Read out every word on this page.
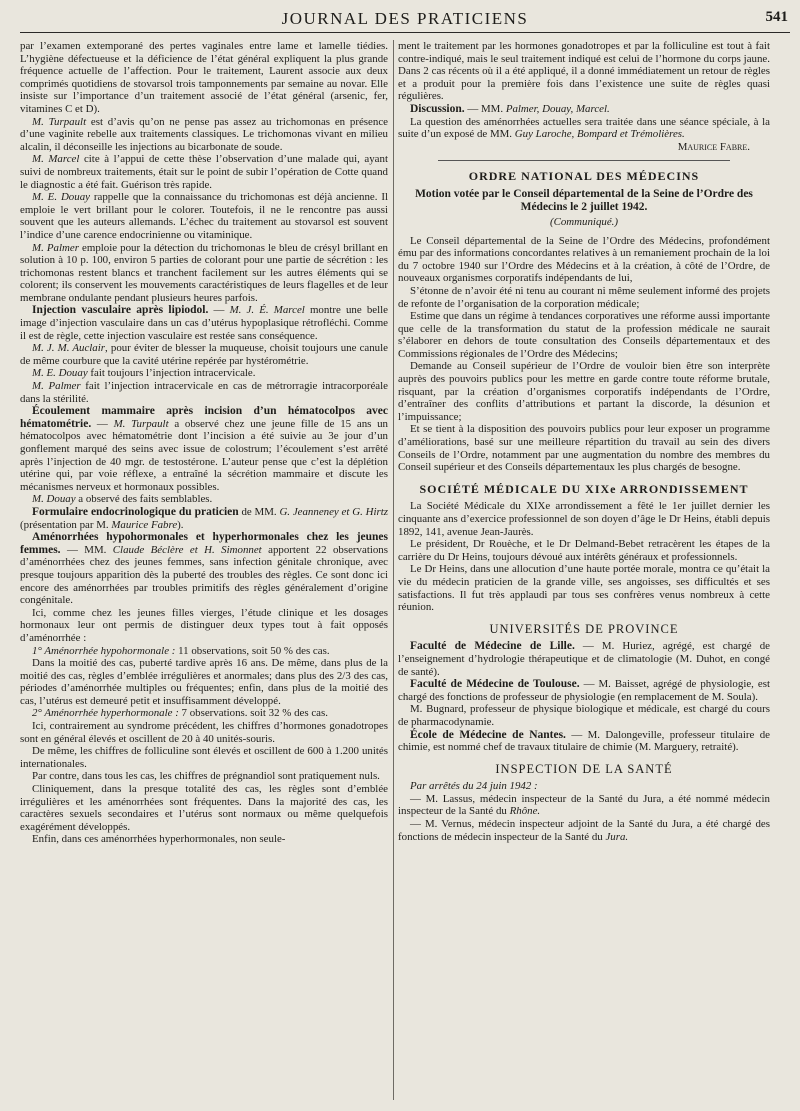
JOURNAL DES PRATICIENS	541

par l’examen extemporané des pertes vaginales entre lame et lamelle tiédies. L’hygiène défectueuse et la déficience de l’état général expliquent la plus grande fréquence actuelle de l’affection. Pour le traitement, Laurent associe aux deux comprimés quotidiens de stovarsol trois tamponnements par semaine au novar. Elle insiste sur l’importance d’un traitement associé de l’état général (arsenic, fer, vitamines C et D).

M. Turpault est d’avis qu’on ne pense pas assez au trichomonas en présence d’une vaginite rebelle aux traitements classiques. Le trichomonas vivant en milieu alcalin, il déconseille les injections au bicarbonate de soude.

M. Marcel cite à l’appui de cette thèse l’observation d’une malade qui, ayant suivi de nombreux traitements, était sur le point de subir l’opération de Cotte quand le diagnostic a été fait. Guérison très rapide.

M. E. Douay rappelle que la connaissance du trichomonas est déjà ancienne. Il emploie le vert brillant pour le colorer. Toutefois, il ne le rencontre pas aussi souvent que les auteurs allemands. L’échec du traitement au stovarsol est souvent l’indice d’une carence endocrinienne ou vitaminique.

M. Palmer emploie pour la détection du trichomonas le bleu de crésyl brillant en solution à 10 p. 100, environ 5 parties de colorant pour une partie de sécrétion : les trichomonas restent blancs et tranchent facilement sur les autres éléments qui se colorent; ils conservent les mouvements caractéristiques de leurs flagelles et de leur membrane ondulante pendant plusieurs heures parfois.

Injection vasculaire après lipiodol. — M. J. É. Marcel montre une belle image d’injection vasculaire dans un cas d’utérus hypoplasique rétrofléchi. Comme il est de règle, cette injection vasculaire est restée sans conséquence.

M. J. M. Auclair, pour éviter de blesser la muqueuse, choisit toujours une canule de même courbure que la cavité utérine repérée par hystérométrie.

M. E. Douay fait toujours l’injection intracervicale.

M. Palmer fait l’injection intracervicale en cas de métrorragie intracorporéale dans la stérilité.

Écoulement mammaire après incision d’un hématocolpos avec hématométrie. — M. Turpault a observé chez une jeune fille de 15 ans un hématocolpos avec hématométrie dont l’incision a été suivie au 3e jour d’un gonflement marqué des seins avec issue de colostrum; l’écoulement s’est arrêté après l’injection de 40 mgr. de testostérone. L’auteur pense que c’est la déplétion utérine qui, par voie réflexe, a entraîné la sécrétion mammaire et discute les mécanismes nerveux et hormonaux possibles.

M. Douay a observé des faits semblables.

Formulaire endocrinologique du praticien de MM. G. Jeanneney et G. Hirtz (présentation par M. Maurice Fabre).

Aménorrhées hypohormonales et hyperhormonales chez les jeunes femmes. — MM. Claude Béclère et H. Simonnet apportent 22 observations d’aménorrhées chez des jeunes femmes, sans infection génitale chronique, avec presque toujours apparition dès la puberté des troubles des règles. Ce sont donc ici encore des aménorrhées par troubles primitifs des règles généralement d’origine congénitale.

Ici, comme chez les jeunes filles vierges, l’étude clinique et les dosages hormonaux leur ont permis de distinguer deux types tout à fait opposés d’aménorrhée :

1° Aménorrhée hypohormonale : 11 observations, soit 50 % des cas.

Dans la moitié des cas, puberté tardive après 16 ans. De même, dans plus de la moitié des cas, règles d’emblée irrégulières et anormales; dans plus des 2/3 des cas, périodes d’aménorrhée multiples ou fréquentes; enfin, dans plus de la moitié des cas, l’utérus est demeuré petit et insuffisamment développé.

2° Aménorrhée hyperhormonale : 7 observations. soit 32 % des cas.

Ici, contrairement au syndrome précédent, les chiffres d’hormones gonadotropes sont en général élevés et oscillent de 20 à 40 unités-souris.

De même, les chiffres de folliculine sont élevés et oscillent de 600 à 1.200 unités internationales.

Par contre, dans tous les cas, les chiffres de prégnandiol sont pratiquement nuls.

Cliniquement, dans la presque totalité des cas, les règles sont d’emblée irrégulières et les aménorrhées sont fréquentes. Dans la majorité des cas, les caractères sexuels secondaires et l’utérus sont normaux ou même quelquefois exagérément développés.

Enfin, dans ces aménorrhées hyperhormonales, non seule-

ment le traitement par les hormones gonadotropes et par la folliculine est tout à fait contre-indiqué, mais le seul traitement indiqué est celui de l’hormone du corps jaune. Dans 2 cas récents où il a été appliqué, il a donné immédiatement un retour de règles et a produit pour la première fois dans l’existence une suite de règles quasi régulières.

Discussion. — MM. Palmer, Douay, Marcel.

La question des aménorrhées actuelles sera traitée dans une séance spéciale, à la suite d’un exposé de MM. Guy Laroche, Bompard et Trémolières.

Maurice Fabre.

ORDRE NATIONAL DES MÉDECINS
Motion votée par le Conseil départemental de la Seine de l’Ordre des Médecins le 2 juillet 1942.
(Communiqué.)

Le Conseil départemental de la Seine de l’Ordre des Médecins, profondément ému par des informations concordantes relatives à un remaniement prochain de la loi du 7 octobre 1940 sur l’Ordre des Médecins et à la création, à côté de l’Ordre, de nouveaux organismes corporatifs indépendants de lui,

S’étonne de n’avoir été ni tenu au courant ni même seulement informé des projets de refonte de l’organisation de la corporation médicale;

Estime que dans un régime à tendances corporatives une réforme aussi importante que celle de la transformation du statut de la profession médicale ne saurait s’élaborer en dehors de toute consultation des Conseils départementaux et des Commissions régionales de l’Ordre des Médecins;

Demande au Conseil supérieur de l’Ordre de vouloir bien être son interprète auprès des pouvoirs publics pour les mettre en garde contre toute réforme brutale, risquant, par la création d’organismes corporatifs indépendants de l’Ordre, d’entraîner des conflits d’attributions et partant la discorde, la désunion et l’impuissance;

Et se tient à la disposition des pouvoirs publics pour leur exposer un programme d’améliorations, basé sur une meilleure répartition du travail au sein des divers Conseils de l’Ordre, notamment par une augmentation du nombre des membres du Conseil supérieur et des Conseils départementaux les plus chargés de besogne.

SOCIÉTÉ MÉDICALE DU XIXe ARRONDISSEMENT

La Société Médicale du XIXe arrondissement a fêté le 1er juillet dernier les cinquante ans d’exercice professionnel de son doyen d’âge le Dr Heins, établi depuis 1892, 141, avenue Jean-Jaurès.

Le président, Dr Rouèche, et le Dr Delmand-Bebet retracèrent les étapes de la carrière du Dr Heins, toujours dévoué aux intérêts généraux et professionnels.

Le Dr Heins, dans une allocution d’une haute portée morale, montra ce qu’était la vie du médecin praticien de la grande ville, ses angoisses, ses difficultés et ses satisfactions. Il fut très applaudi par tous ses confrères venus nombreux à cette réunion.

UNIVERSITÉS DE PROVINCE

Faculté de Médecine de Lille. — M. Huriez, agrégé, est chargé de l’enseignement d’hydrologie thérapeutique et de climatologie (M. Duhot, en congé de santé).

Faculté de Médecine de Toulouse. — M. Baisset, agrégé de physiologie, est chargé des fonctions de professeur de physiologie (en remplacement de M. Soula).

M. Bugnard, professeur de physique biologique et médicale, est chargé du cours de pharmacodynamie.

École de Médecine de Nantes. — M. Dalongeville, professeur titulaire de chimie, est nommé chef de travaux titulaire de chimie (M. Marguery, retraité).

INSPECTION DE LA SANTÉ

Par arrêtés du 24 juin 1942 :

— M. Lassus, médecin inspecteur de la Santé du Jura, a été nommé médecin inspecteur de la Santé du Rhône.

— M. Vernus, médecin inspecteur adjoint de la Santé du Jura, a été chargé des fonctions de médecin inspecteur de la Santé du Jura.
